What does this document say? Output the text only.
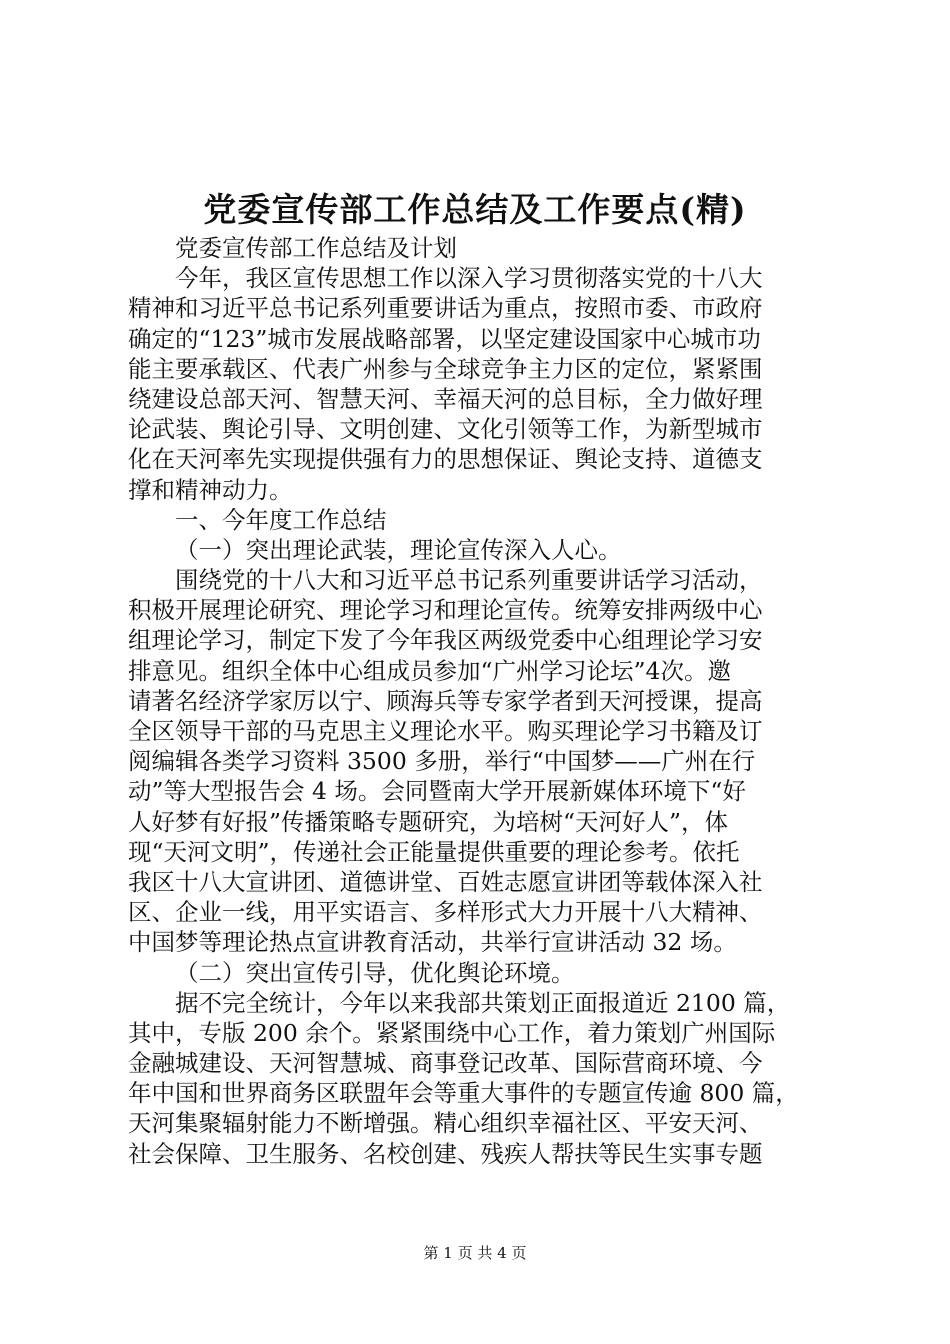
党委宣传部工作总结及工作要点(精)
党委宣传部工作总结及计划
今年，我区宣传思想工作以深入学习贯彻落实党的十八大
精神和习近平总书记系列重要讲话为重点，按照市委、市政府
确定的“123”城市发展战略部署，以坚定建设国家中心城市功
能主要承载区、代表广州参与全球竞争主力区的定位，紧紧围
绕建设总部天河、智慧天河、幸福天河的总目标，全力做好理
论武装、舆论引导、文明创建、文化引领等工作，为新型城市
化在天河率先实现提供强有力的思想保证、舆论支持、道德支
撑和精神动力。
一、今年度工作总结
（一）突出理论武装，理论宣传深入人心。
围绕党的十八大和习近平总书记系列重要讲话学习活动，
积极开展理论研究、理论学习和理论宣传。统筹安排两级中心
组理论学习，制定下发了今年我区两级党委中心组理论学习安
排意见。组织全体中心组成员参加“广州学习论坛”4次。邀
请著名经济学家厉以宁、顾海兵等专家学者到天河授课，提高
全区领导干部的马克思主义理论水平。购买理论学习书籍及订
阅编辑各类学习资料 3500 多册，举行“中国梦——广州在行
动”等大型报告会 4 场。会同暨南大学开展新媒体环境下“好
人好梦有好报”传播策略专题研究，为培树“天河好人”，体
现“天河文明”，传递社会正能量提供重要的理论参考。依托
我区十八大宣讲团、道德讲堂、百姓志愿宣讲团等载体深入社
区、企业一线，用平实语言、多样形式大力开展十八大精神、
中国梦等理论热点宣讲教育活动，共举行宣讲活动 32 场。
（二）突出宣传引导，优化舆论环境。
据不完全统计，今年以来我部共策划正面报道近 2100 篇，
其中，专版 200 余个。紧紧围绕中心工作，着力策划广州国际
金融城建设、天河智慧城、商事登记改革、国际营商环境、今
年中国和世界商务区联盟年会等重大事件的专题宣传逾 800 篇，
天河集聚辐射能力不断增强。精心组织幸福社区、平安天河、
社会保障、卫生服务、名校创建、残疾人帮扶等民生实事专题
第 1 页 共 4 页
